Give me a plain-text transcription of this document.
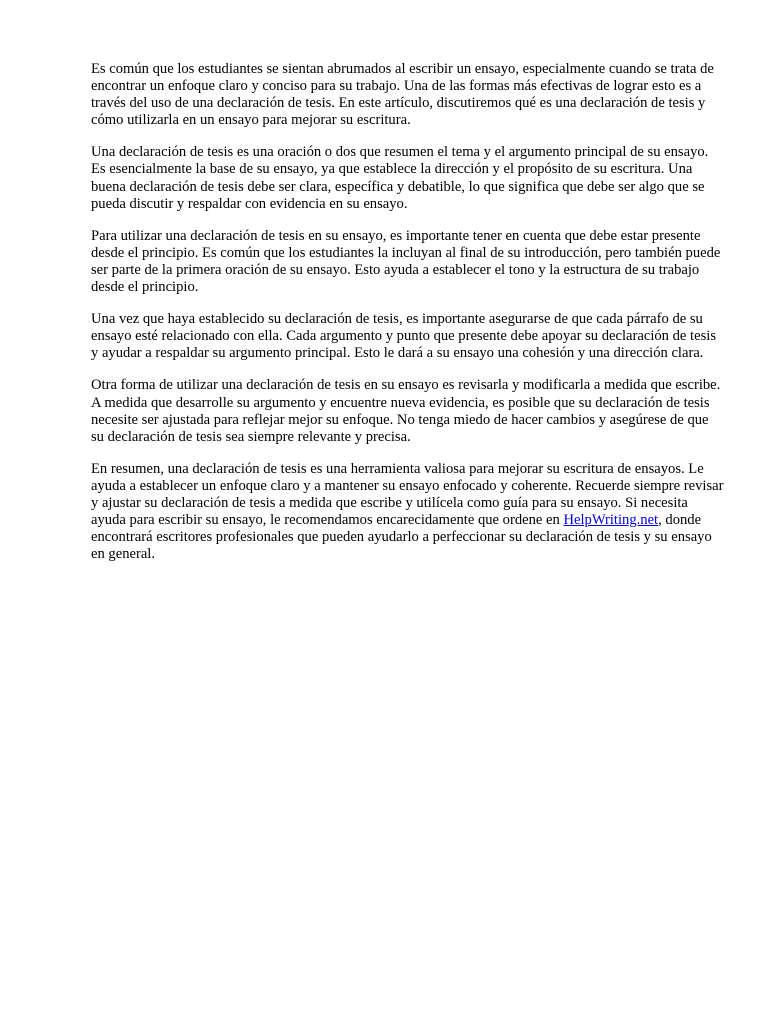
Es común que los estudiantes se sientan abrumados al escribir un ensayo, especialmente cuando se trata de encontrar un enfoque claro y conciso para su trabajo. Una de las formas más efectivas de lograr esto es a través del uso de una declaración de tesis. En este artículo, discutiremos qué es una declaración de tesis y cómo utilizarla en un ensayo para mejorar su escritura.

Una declaración de tesis es una oración o dos que resumen el tema y el argumento principal de su ensayo. Es esencialmente la base de su ensayo, ya que establece la dirección y el propósito de su escritura. Una buena declaración de tesis debe ser clara, específica y debatible, lo que significa que debe ser algo que se pueda discutir y respaldar con evidencia en su ensayo.

Para utilizar una declaración de tesis en su ensayo, es importante tener en cuenta que debe estar presente desde el principio. Es común que los estudiantes la incluyan al final de su introducción, pero también puede ser parte de la primera oración de su ensayo. Esto ayuda a establecer el tono y la estructura de su trabajo desde el principio.

Una vez que haya establecido su declaración de tesis, es importante asegurarse de que cada párrafo de su ensayo esté relacionado con ella. Cada argumento y punto que presente debe apoyar su declaración de tesis y ayudar a respaldar su argumento principal. Esto le dará a su ensayo una cohesión y una dirección clara.

Otra forma de utilizar una declaración de tesis en su ensayo es revisarla y modificarla a medida que escribe. A medida que desarrolle su argumento y encuentre nueva evidencia, es posible que su declaración de tesis necesite ser ajustada para reflejar mejor su enfoque. No tenga miedo de hacer cambios y asegúrese de que su declaración de tesis sea siempre relevante y precisa.

En resumen, una declaración de tesis es una herramienta valiosa para mejorar su escritura de ensayos. Le ayuda a establecer un enfoque claro y a mantener su ensayo enfocado y coherente. Recuerde siempre revisar y ajustar su declaración de tesis a medida que escribe y utilícela como guía para su ensayo. Si necesita ayuda para escribir su ensayo, le recomendamos encarecidamente que ordene en HelpWriting.net, donde encontrará escritores profesionales que pueden ayudarlo a perfeccionar su declaración de tesis y su ensayo en general.
